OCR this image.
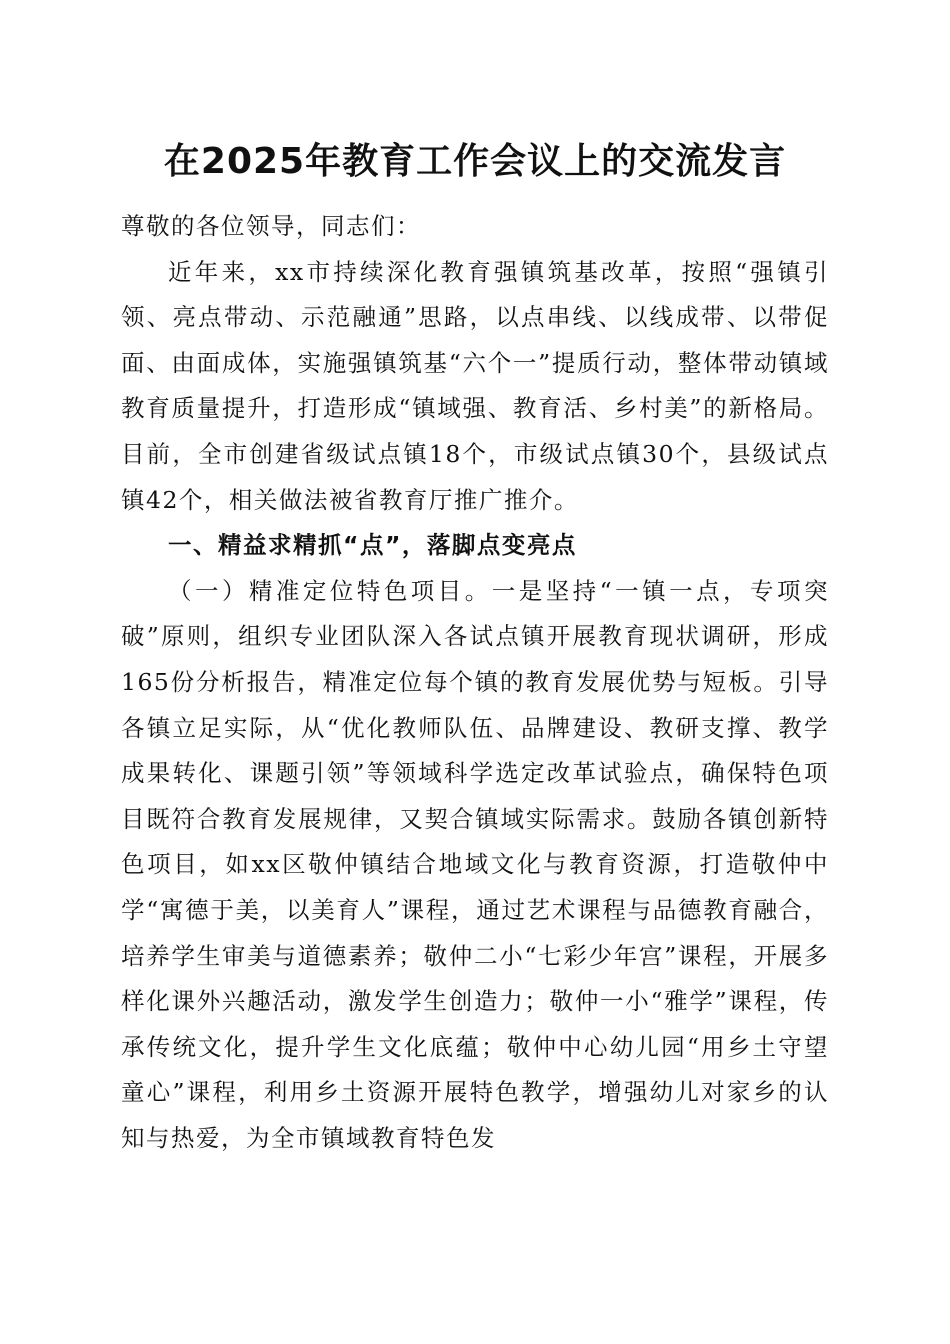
在2025年教育工作会议上的交流发言

尊敬的各位领导，同志们：

近年来，xx市持续深化教育强镇筑基改革，按照“强镇引领、亮点带动、示范融通”思路，以点串线、以线成带、以带促面、由面成体，实施强镇筑基“六个一”提质行动，整体带动镇域教育质量提升，打造形成“镇域强、教育活、乡村美”的新格局。目前，全市创建省级试点镇18个，市级试点镇30个，县级试点镇42个，相关做法被省教育厅推广推介。

一、精益求精抓“点”，落脚点变亮点

（一）精准定位特色项目。一是坚持“一镇一点，专项突破”原则，组织专业团队深入各试点镇开展教育现状调研，形成165份分析报告，精准定位每个镇的教育发展优势与短板。引导各镇立足实际，从“优化教师队伍、品牌建设、教研支撑、教学成果转化、课题引领”等领域科学选定改革试验点，确保特色项目既符合教育发展规律，又契合镇域实际需求。鼓励各镇创新特色项目，如xx区敬仲镇结合地域文化与教育资源，打造敬仲中学“寓德于美，以美育人”课程，通过艺术课程与品德教育融合，培养学生审美与道德素养；敬仲二小“七彩少年宫”课程，开展多样化课外兴趣活动，激发学生创造力；敬仲一小“雅学”课程，传承传统文化，提升学生文化底蕴；敬仲中心幼儿园“用乡土守望童心”课程，利用乡土资源开展特色教学，增强幼儿对家乡的认知与热爱，为全市镇域教育特色发
